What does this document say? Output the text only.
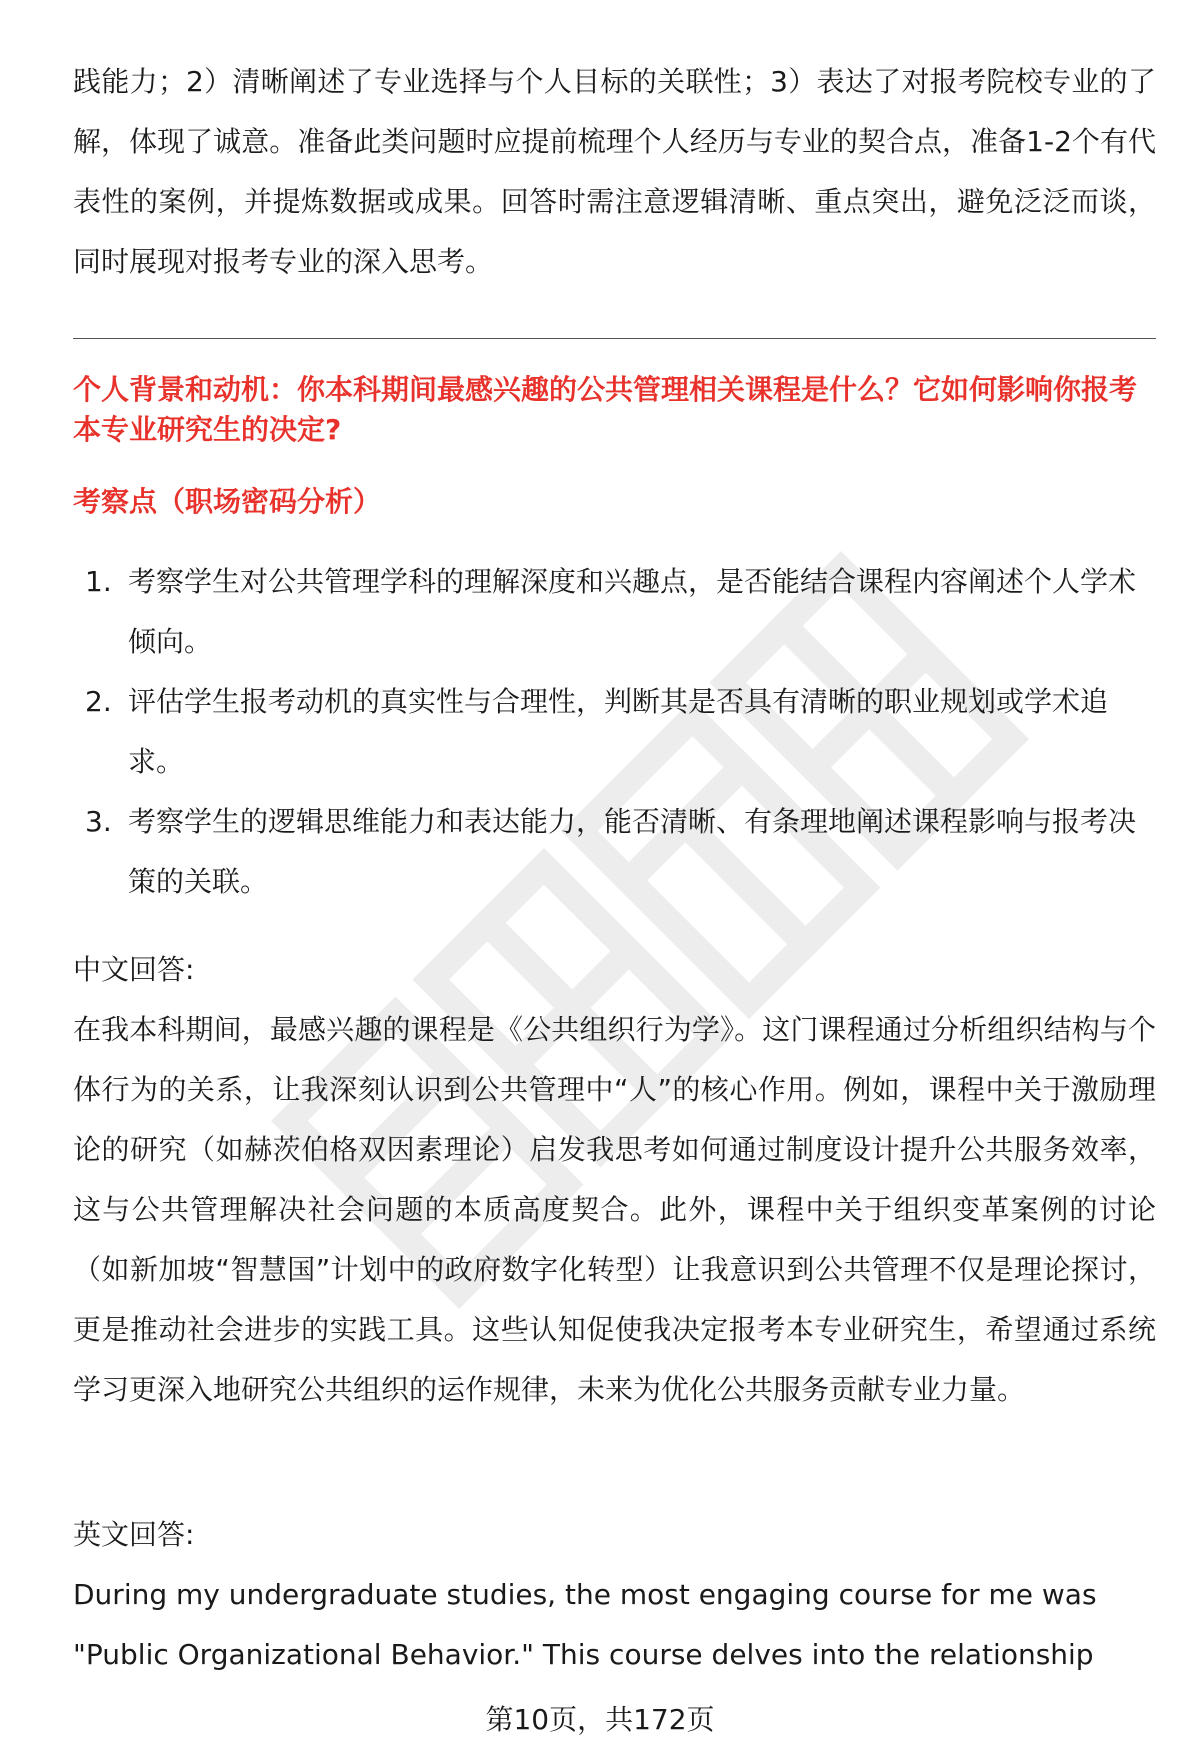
践能力；2）清晰阐述了专业选择与个人目标的关联性；3）表达了对报考院校专业的了解，体现了诚意。准备此类问题时应提前梳理个人经历与专业的契合点，准备1-2个有代表性的案例，并提炼数据或成果。回答时需注意逻辑清晰、重点突出，避免泛泛而谈，同时展现对报考专业的深入思考。

个人背景和动机：你本科期间最感兴趣的公共管理相关课程是什么？它如何影响你报考本专业研究生的决定?

考察点（职场密码分析）

1. 考察学生对公共管理学科的理解深度和兴趣点，是否能结合课程内容阐述个人学术倾向。
2. 评估学生报考动机的真实性与合理性，判断其是否具有清晰的职业规划或学术追求。
3. 考察学生的逻辑思维能力和表达能力，能否清晰、有条理地阐述课程影响与报考决策的关联。

中文回答:

在我本科期间，最感兴趣的课程是《公共组织行为学》。这门课程通过分析组织结构与个体行为的关系，让我深刻认识到公共管理中“人”的核心作用。例如，课程中关于激励理论的研究（如赫茨伯格双因素理论）启发我思考如何通过制度设计提升公共服务效率，这与公共管理解决社会问题的本质高度契合。此外，课程中关于组织变革案例的讨论（如新加坡“智慧国”计划中的政府数字化转型）让我意识到公共管理不仅是理论探讨，更是推动社会进步的实践工具。这些认知促使我决定报考本专业研究生，希望通过系统学习更深入地研究公共组织的运作规律，未来为优化公共服务贡献专业力量。

英文回答:

During my undergraduate studies, the most engaging course for me was

"Public Organizational Behavior." This course delves into the relationship

第10页，共172页
